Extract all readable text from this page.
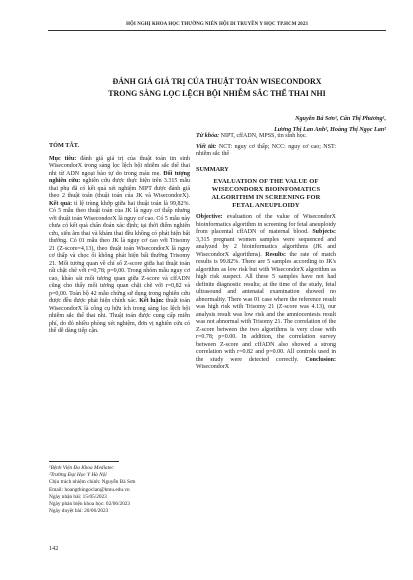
HỘI NGHỊ KHOA HỌC THƯỜNG NIÊN HỘI DI TRUYỀN Y HỌC TP.HCM 2023
ĐÁNH GIÁ GIÁ TRỊ CỦA THUẬT TOÁN WISECONDORX
TRONG SÀNG LỌC LỆCH BỘI NHIỄM SẮC THỂ THAI NHI
Nguyễn Bá Sơn¹, Cấn Thị Phương¹,
Lương Thị Lan Anh², Hoàng Thị Ngọc Lan²
TÓM TẮT.

Mục tiêu: đánh giá giá trị của thuật toán tin sinh WisecondorX trong sàng lọc lệch bội nhiễm sắc thể thai nhi từ ADN ngoại bào tự do trong máu mẹ. Đối tượng nghiên cứu: nghiên cứu được thực hiện trên 3.315 mẫu thai phụ đã có kết quả xét nghiệm NIPT được đánh giá theo 2 thuật toán (thuật toán của JK và WisecondorX). Kết quả: tỉ lệ trùng khớp giữa hai thuật toán là 99,82%. Có 5 mẫu theo thuật toán của JK là nguy cơ thấp nhưng với thuật toán WisecondorX là nguy cơ cao. Có 5 mẫu này chưa có kết quả chẩn đoán xác định; tại thời điểm nghiên cứu, siêu âm thai và khám thai đều không có phát hiện bất thường. Có 01 mẫu theo JK là nguy cơ cao với Trisomy 21 (Z-score=4,13), theo thuật toán WisecondorX là nguy cơ thấp và chọc ối không phát hiện bất thường Trisomy 21. Mối tương quan về chỉ số Z-score giữa hai thuật toán rất chặt chẽ với r=0,78; p=0,00. Trong nhóm mẫu nguy cơ cao, khảo sát mối tương quan giữa Z-score và cffADN cũng cho thấy mối tương quan chặt chẽ với r=0,82 và p=0,00. Toàn bộ 42 mẫu chứng sử dụng trong nghiên cứu được đều được phát hiện chính xác. Kết luận: thuật toán WisecondorX là công cụ hữu ích trong sàng lọc lệch bội nhiễm sắc thể thai nhi. Thuật toán được cung cấp miễn phí, do đó nhiều phòng xét nghiệm, đơn vị nghiên cứu có thể dễ dàng tiếp cận.

¹Bệnh Viện Đa Khoa Medlatec
²Trường Đại Học Y Hà Nội
Chịu trách nhiệm chính: Nguyễn Bá Sơn
Email: hoangthingoclan@hmu.edu.vn
Ngày nhận bài: 15/05/2023
Ngày phản biện khoa học: 02/06/2023
Ngày duyệt bài: 20/06/2023

Từ khóa: NIPT, cffADN, MPSS, tin sinh học.

Viết tắt: NCT: nguy cơ thấp; NCC: nguy cơ cao; NST: nhiễm sắc thể

SUMMARY
EVALUATION OF THE VALUE OF
WISECONDORX BIOINFOMATICS
ALGORITHM IN SCREENING FOR
FETAL ANEUPLOIDY

Objective: evaluation of the value of WisecondorX bioinformatics algorithm in screening for fetal aneuploidy from placental cffADN of maternal blood. Subjects: 3,315 pregnant women samples were sequenced and analyzed by 2 bioinformatics algorithms (JK and WisecondorX algorithms). Results: the rate of match results is 99.82%. There are 5 samples according to JK's algorithm as low risk but with WisecondorX algorithm as high risk suspect. All these 5 samples have not had definite diagnostic results; at the time of the study, fetal ultrasound and antenatal examination showed no abnormality. There was 01 case where the reference result was high risk with Trisomy 21 (Z-score was 4.13), our analysis result was low risk and the amniocentesis result was not abnormal with Trisomy 21. The correlation of the Z-score between the two algorithms is very close with r=0.78; p=0.00. In addition, the correlation survey between Z-score and cffADN also showed a strong correlation with r=0.82 and p=0.00. All controls used in the study were detected correctly. Conclusion: WisecondorX

142
